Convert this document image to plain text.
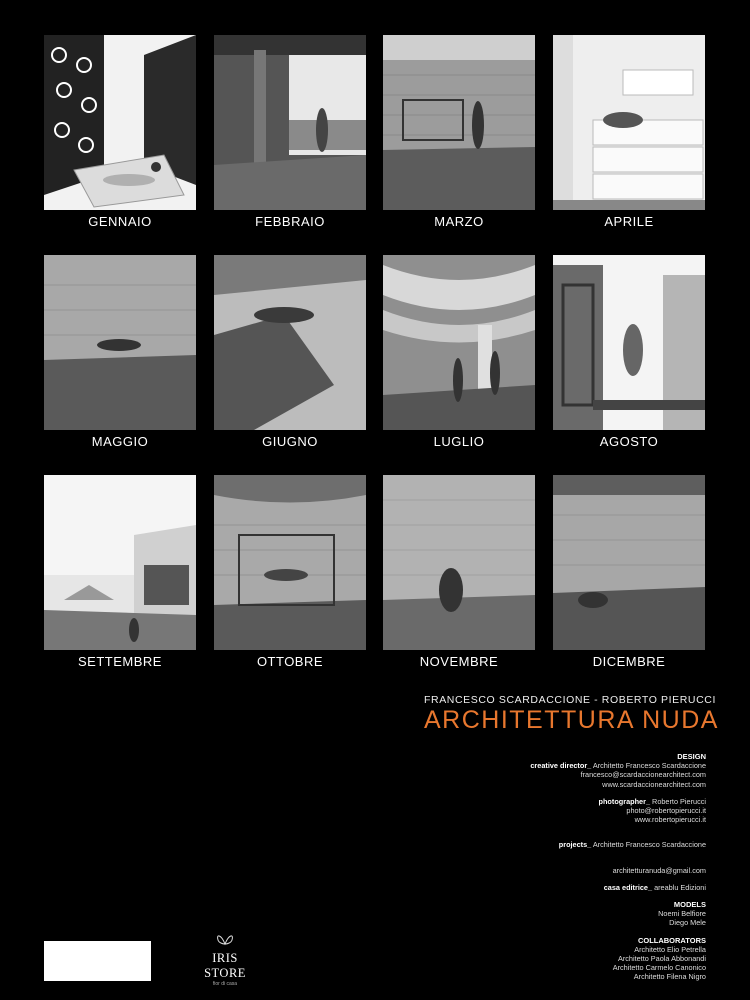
GENNAIO	FEBBRAIO	MARZO	APRILE
MAGGIO	GIUGNO	LUGLIO	AGOSTO
SETTEMBRE	OTTOBRE	NOVEMBRE	DICEMBRE
FRANCESCO SCARDACCIONE - ROBERTO PIERUCCI
ARCHITETTURA NUDA
DESIGN
creative director_ Architetto Francesco Scardaccione
francesco@scardaccionearchitect.com
www.scardaccionearchitect.com
photographer_ Roberto Pierucci
photo@robertopierucci.it
www.robertopierucci.it
projects_ Architetto Francesco Scardaccione
architetturanuda@gmail.com
casa editrice_ areablu Edizioni
MODELS
Noemi Belfiore
Diego Mele
COLLABORATORS
Architetto Elio Petrella
Architetto Paola Abbonandi
Architetto Carmelo Canonico
Architetto Filena Nigro
IRIS STORE
fior di casa
